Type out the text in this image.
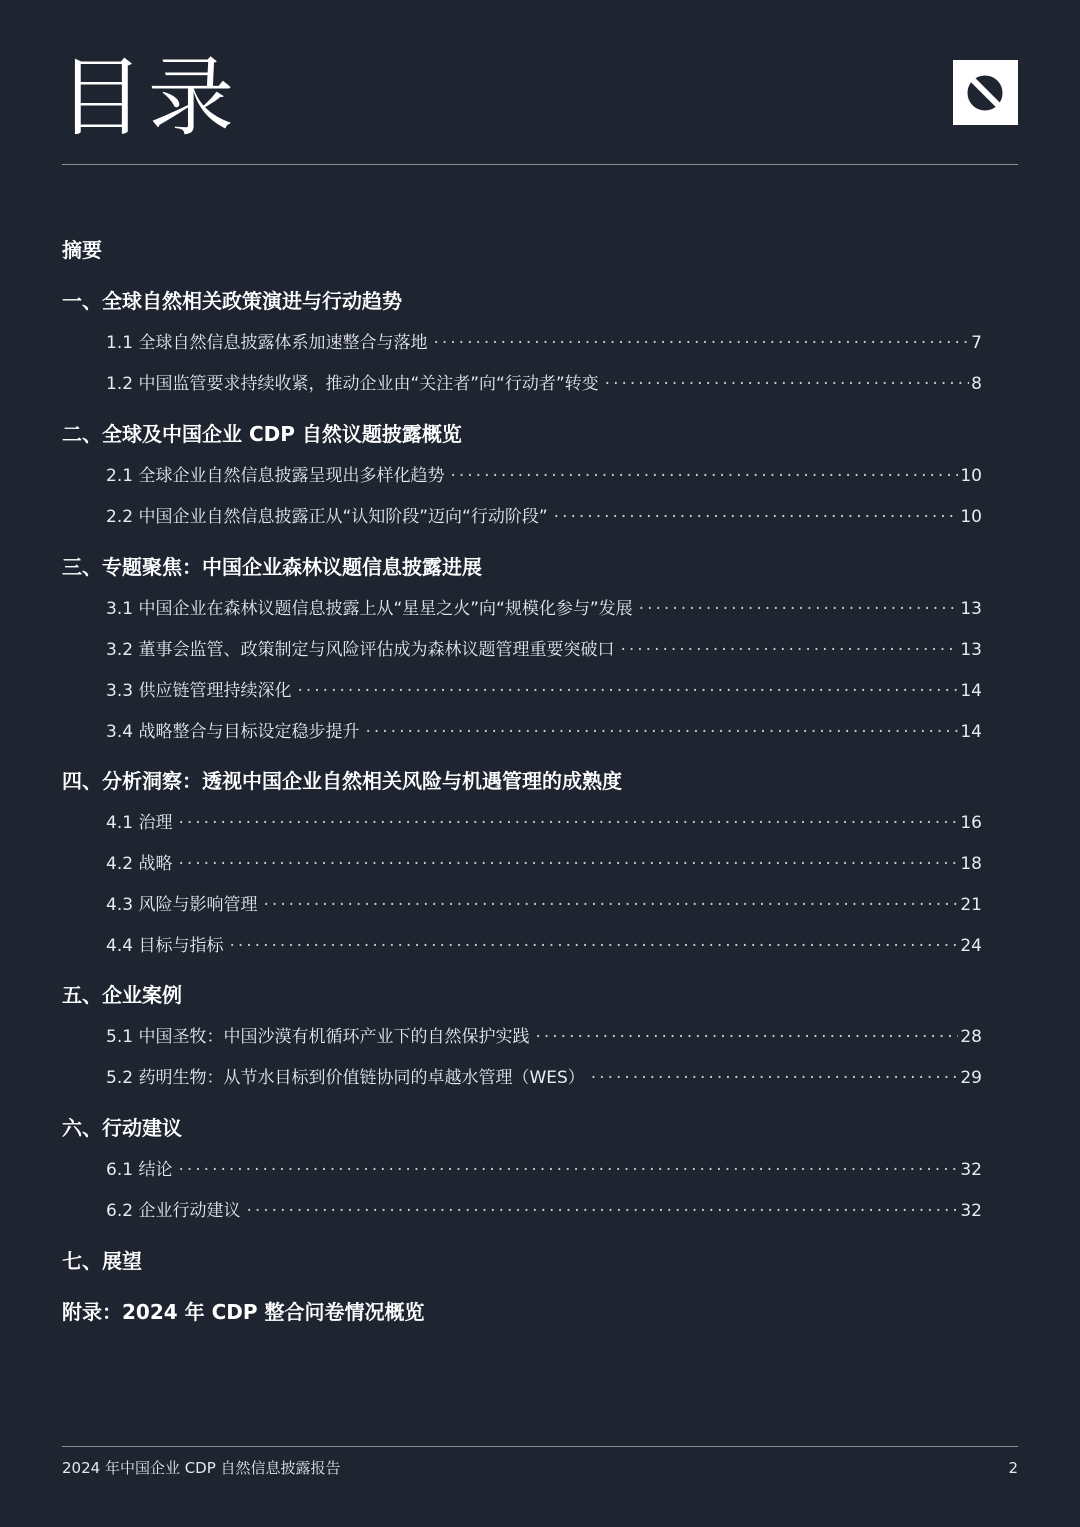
目录
摘要
一、全球自然相关政策演进与行动趋势
1.1 全球自然信息披露体系加速整合与落地 ·····	7
1.2 中国监管要求持续收紧，推动企业由“关注者”向“行动者”转变 ·····	8
二、全球及中国企业 CDP 自然议题披露概览
2.1 全球企业自然信息披露呈现出多样化趋势 ·····	10
2.2 中国企业自然信息披露正从“认知阶段”迈向“行动阶段” ·····	10
三、专题聚焦：中国企业森林议题信息披露进展
3.1 中国企业在森林议题信息披露上从“星星之火”向“规模化参与”发展 ·····	13
3.2 董事会监管、政策制定与风险评估成为森林议题管理重要突破口 ·····	13
3.3 供应链管理持续深化 ·····	14
3.4 战略整合与目标设定稳步提升 ·····	14
四、分析洞察：透视中国企业自然相关风险与机遇管理的成熟度
4.1 治理 ·····	16
4.2 战略 ·····	18
4.3 风险与影响管理 ·····	21
4.4 目标与指标 ·····	24
五、企业案例
5.1 中国圣牧：中国沙漠有机循环产业下的自然保护实践 ·····	28
5.2 药明生物：从节水目标到价值链协同的卓越水管理（WES） ·····	29
六、行动建议
6.1 结论 ·····	32
6.2 企业行动建议 ·····	32
七、展望
附录：2024 年 CDP 整合问卷情况概览
2024 年中国企业 CDP 自然信息披露报告	2
